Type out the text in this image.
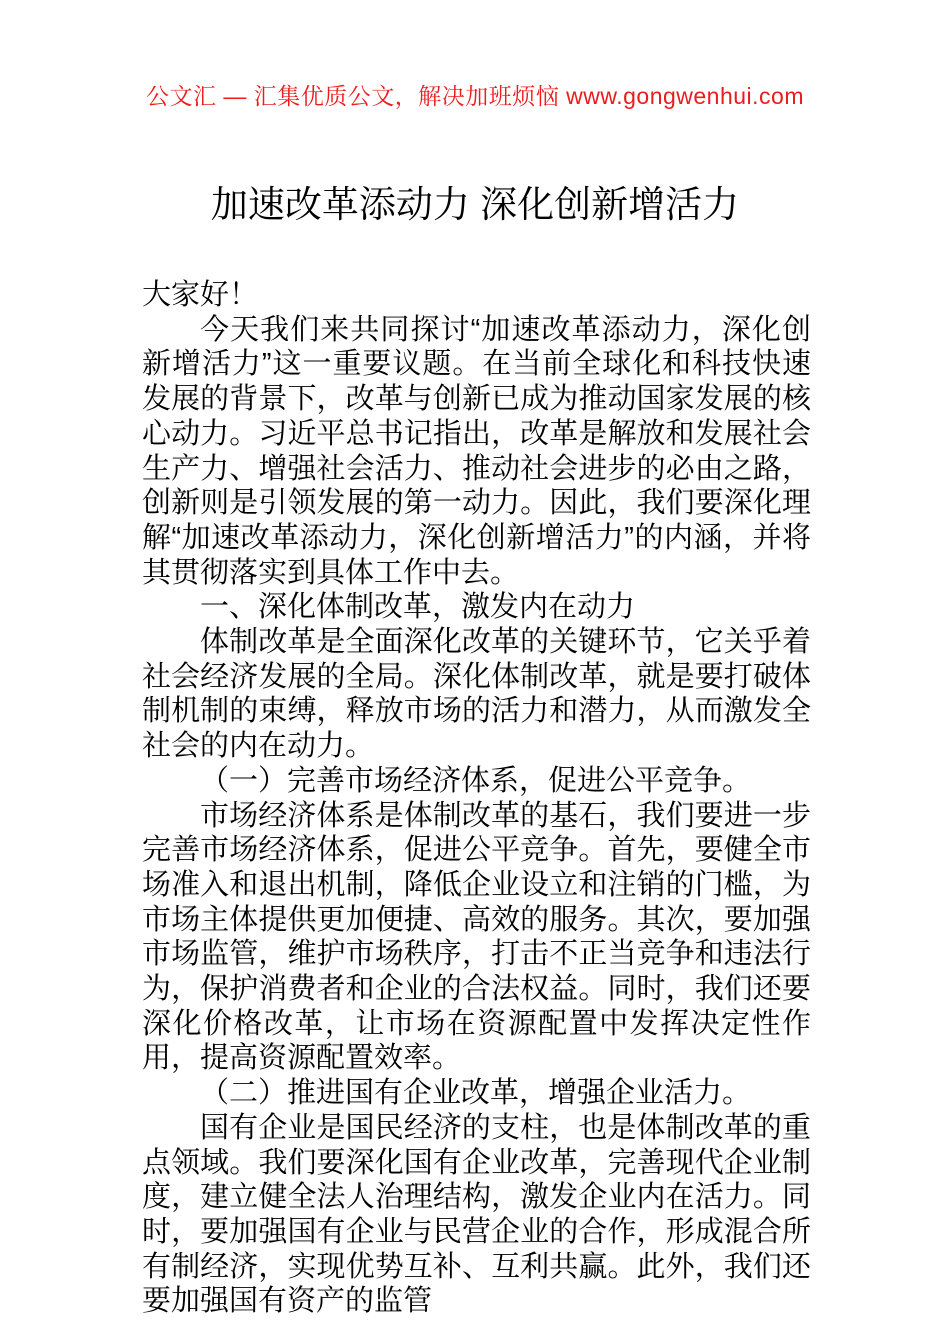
公文汇 — 汇集优质公文，解决加班烦恼 www.gongwenhui.com
加速改革添动力 深化创新增活力

大家好！

今天我们来共同探讨“加速改革添动力，深化创新增活力”这一重要议题。在当前全球化和科技快速发展的背景下，改革与创新已成为推动国家发展的核心动力。习近平总书记指出，改革是解放和发展社会生产力、增强社会活力、推动社会进步的必由之路，创新则是引领发展的第一动力。因此，我们要深化理解“加速改革添动力，深化创新增活力”的内涵，并将其贯彻落实到具体工作中去。

一、深化体制改革，激发内在动力

体制改革是全面深化改革的关键环节，它关乎着社会经济发展的全局。深化体制改革，就是要打破体制机制的束缚，释放市场的活力和潜力，从而激发全社会的内在动力。

（一）完善市场经济体系，促进公平竞争。

市场经济体系是体制改革的基石，我们要进一步完善市场经济体系，促进公平竞争。首先，要健全市场准入和退出机制，降低企业设立和注销的门槛，为市场主体提供更加便捷、高效的服务。其次，要加强市场监管，维护市场秩序，打击不正当竞争和违法行为，保护消费者和企业的合法权益。同时，我们还要深化价格改革，让市场在资源配置中发挥决定性作用，提高资源配置效率。

（二）推进国有企业改革，增强企业活力。

国有企业是国民经济的支柱，也是体制改革的重点领域。我们要深化国有企业改革，完善现代企业制度，建立健全法人治理结构，激发企业内在活力。同时，要加强国有企业与民营企业的合作，形成混合所有制经济，实现优势互补、互利共赢。此外，我们还要加强国有资产的监管
